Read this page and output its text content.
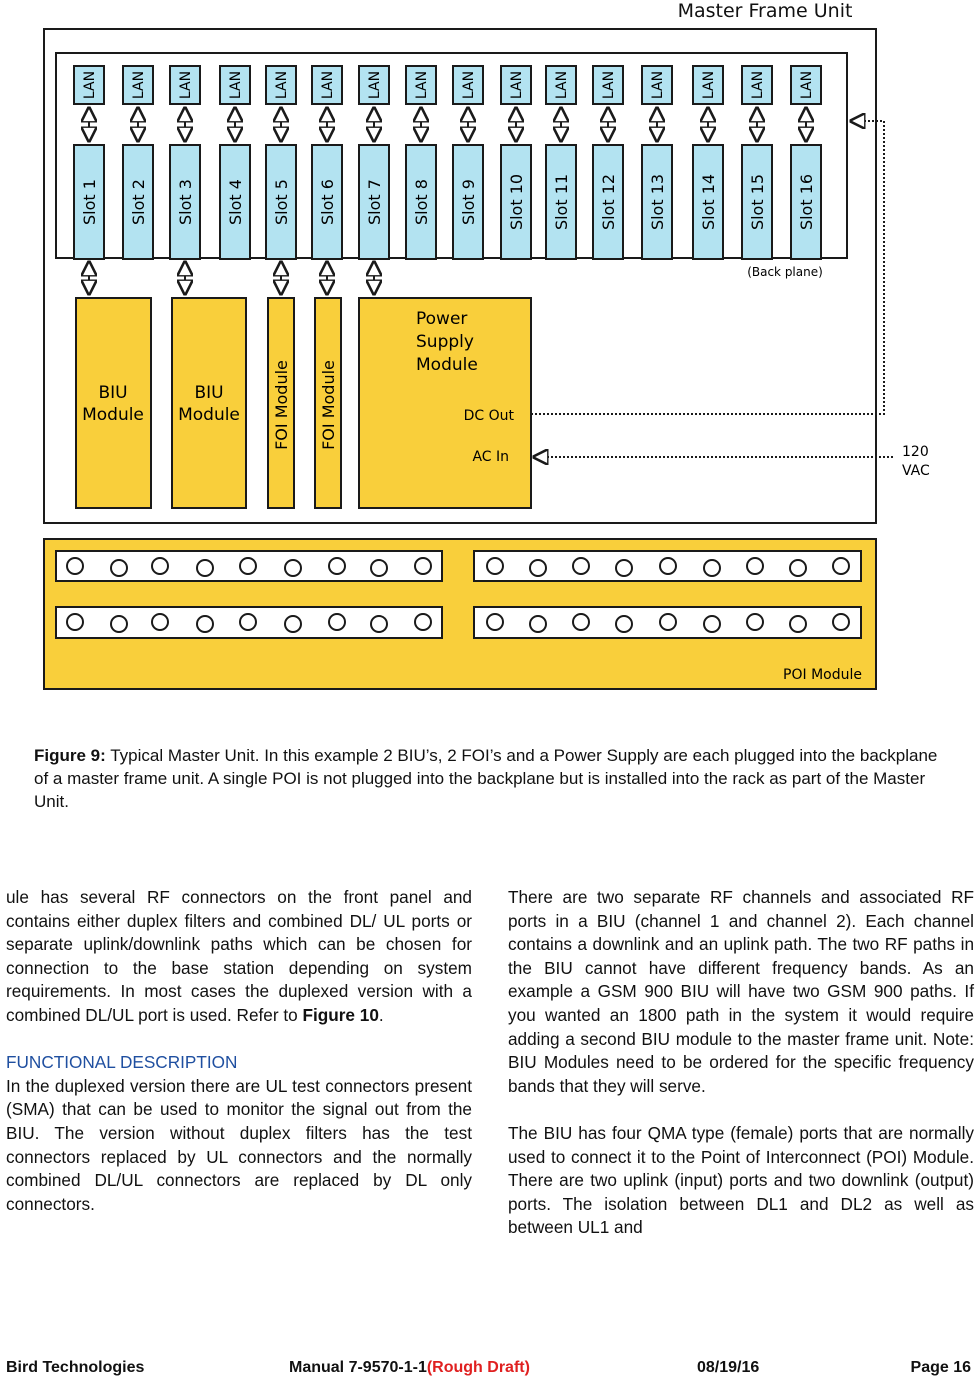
Master Frame Unit
(Back plane)
LAN
Slot 1
LAN
Slot 2
LAN
Slot 3
LAN
Slot 4
LAN
Slot 5
LAN
Slot 6
LAN
Slot 7
LAN
Slot 8
LAN
Slot 9
LAN
Slot 10
LAN
Slot 11
LAN
Slot 12
LAN
Slot 13
LAN
Slot 14
LAN
Slot 15
LAN
Slot 16
BIU
Module
BIU
Module FOI Module FOI Module
Power
Supply
Module
DC Out
AC In	120
VAC
POI Module
Figure 9: Typical Master Unit. In this example 2 BIU’s, 2 FOI’s and a Power Supply are each plugged into the backplane of a master frame unit. A single POI is not plugged into the backplane but is installed into the rack as part of the Master Unit.

ule has several RF connectors on the front panel and contains either duplex filters and combined DL/ UL ports or separate uplink/downlink paths which can be chosen for connection to the base station depending on system requirements. In most cases the duplexed version with a combined DL/UL port is used. Refer to Figure 10.

FUNCTIONAL DESCRIPTION

In the duplexed version there are UL test connectors present (SMA) that can be used to monitor the signal out from the BIU. The version without duplex filters has the test connectors replaced by UL connectors and the normally combined DL/UL connectors are replaced by DL only connectors.

There are two separate RF channels and associated RF ports in a BIU (channel 1 and channel 2). Each channel contains a downlink and an uplink path. The two RF paths in the BIU cannot have different frequency bands. As an example a GSM 900 BIU will have two GSM 900 paths. If you wanted an 1800 path in the system it would require adding a second BIU module to the master frame unit. Note: BIU Modules need to be ordered for the specific frequency bands that they will serve.

The BIU has four QMA type (female) ports that are normally used to connect it to the Point of Interconnect (POI) Module. There are two uplink (input) ports and two downlink (output) ports. The isolation between DL1 and DL2 as well as between UL1 and

Bird Technologies	Manual 7-9570-1-1(Rough Draft)	08/19/16	Page 16
